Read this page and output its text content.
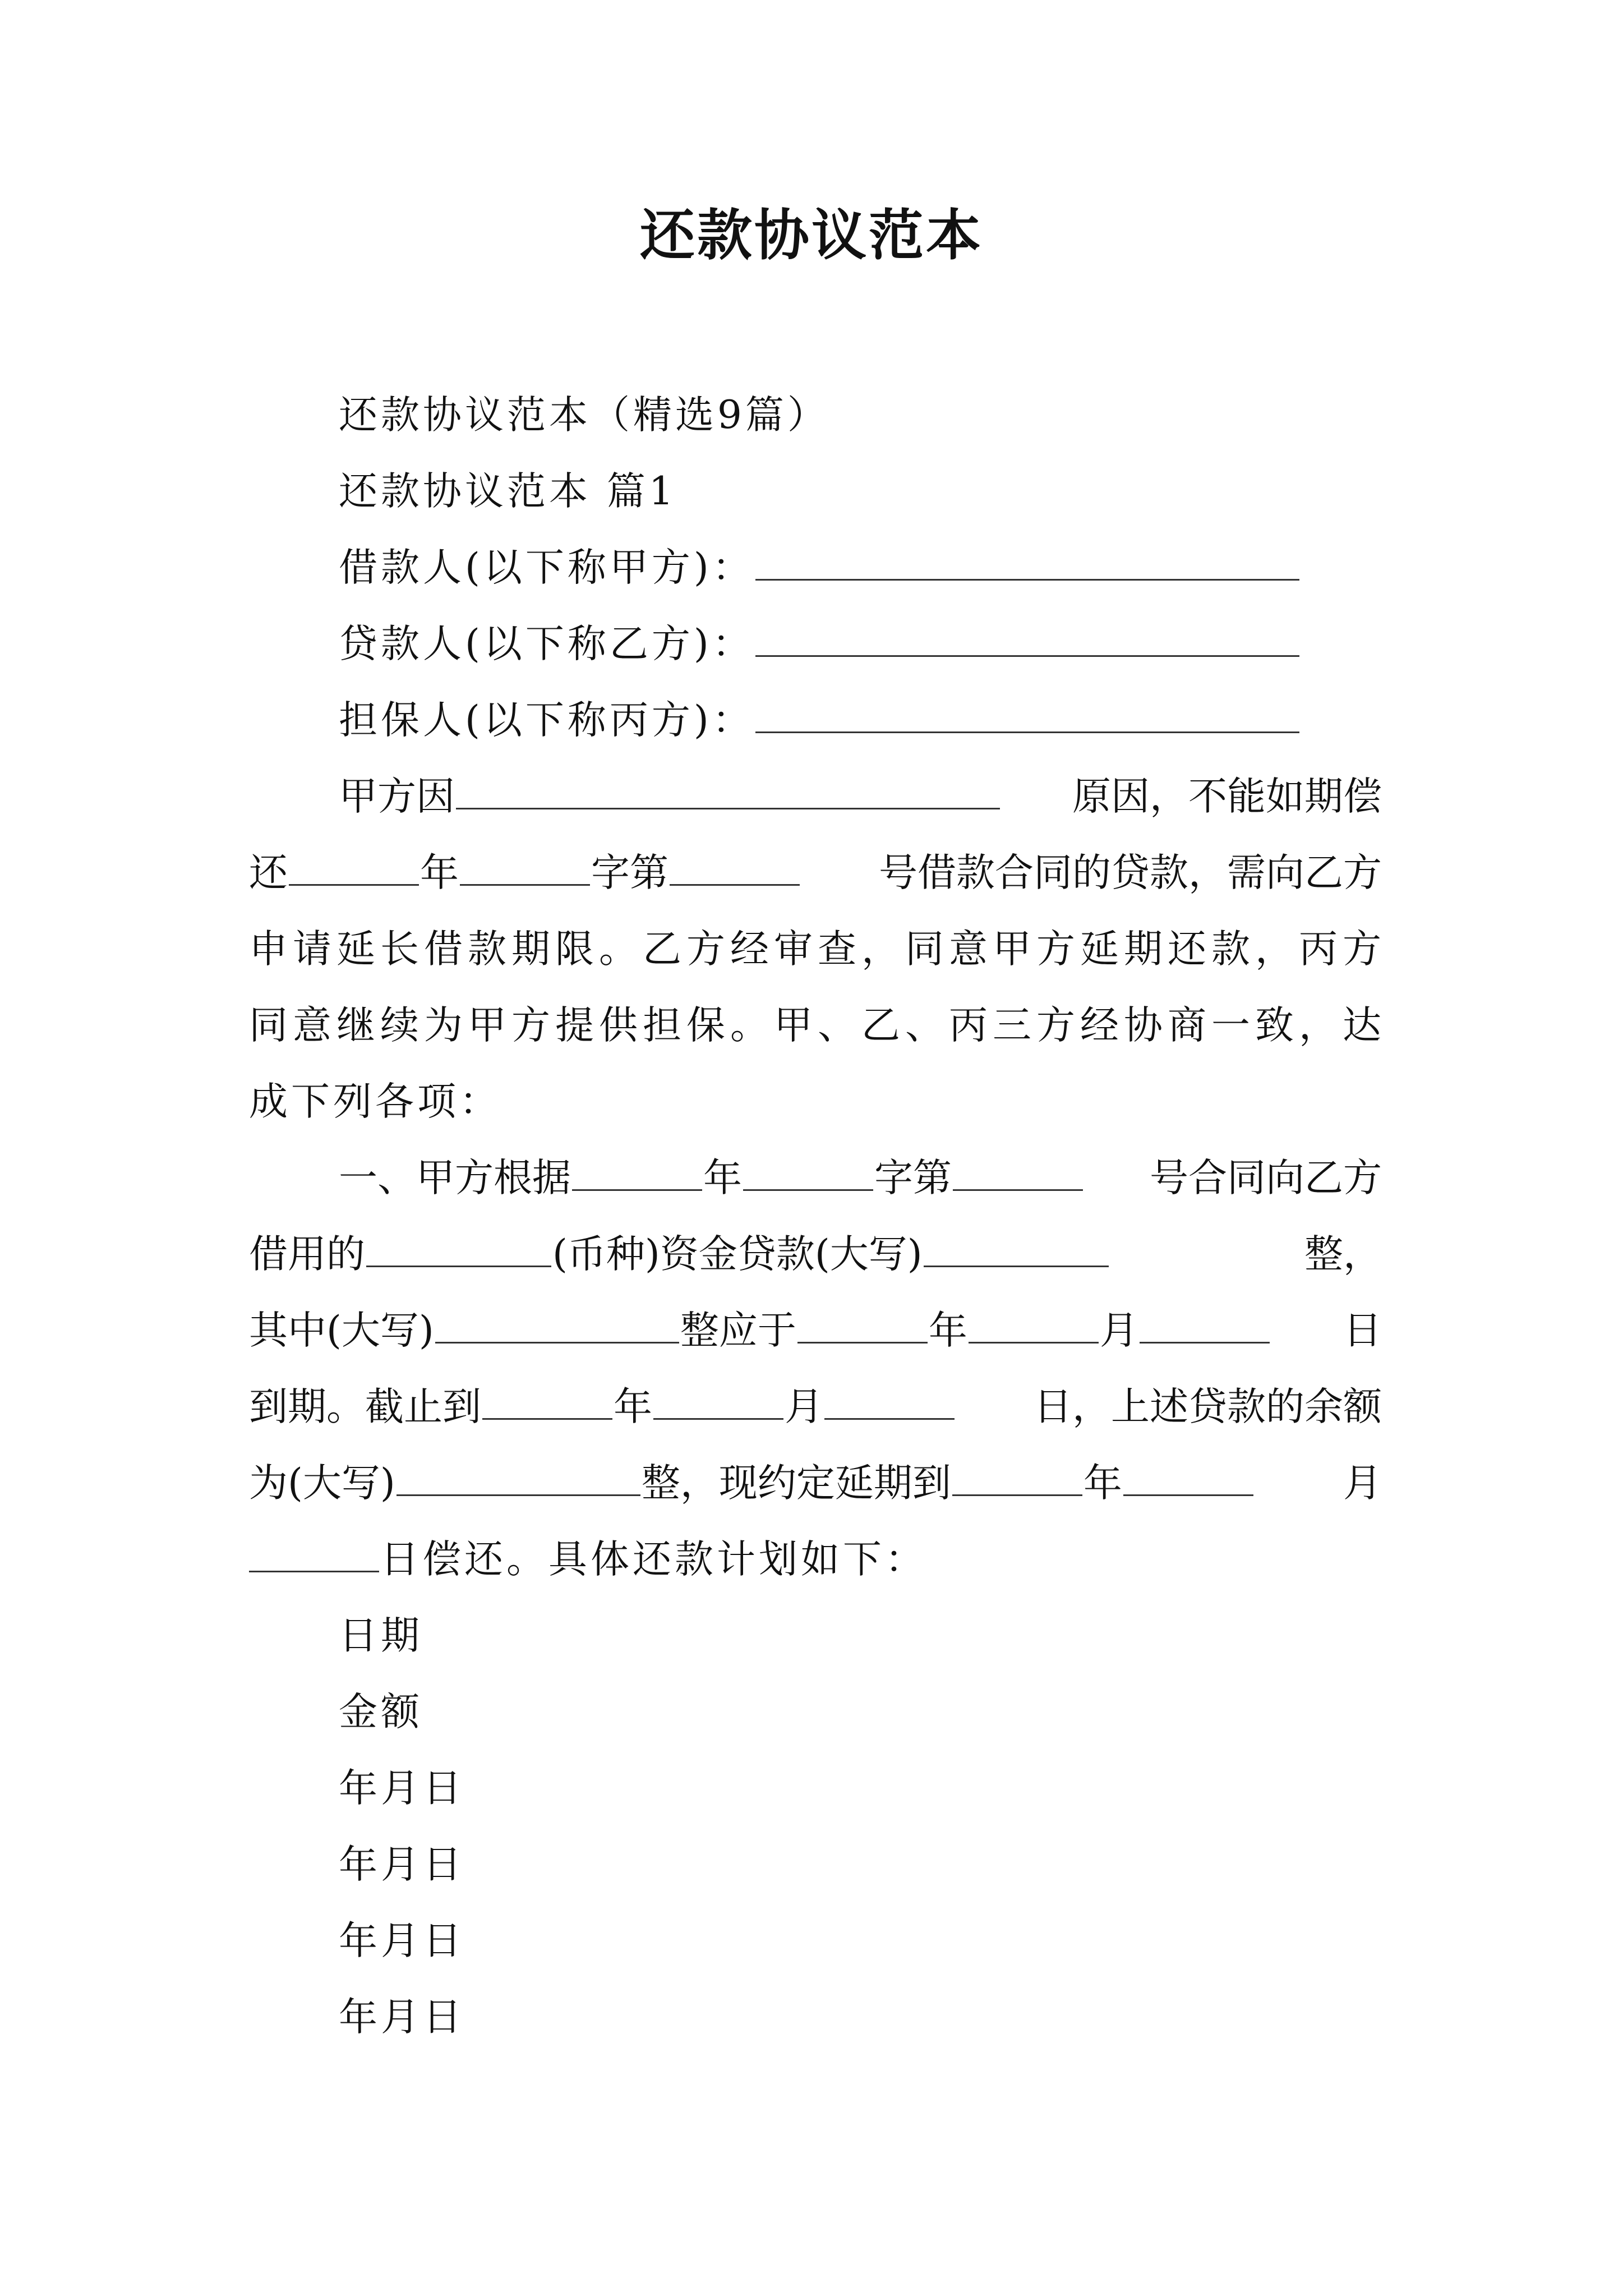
还款协议范本
还款协议范本（精选9篇）
还款协议范本 篇1
借款人(以下称甲方)：
贷款人(以下称乙方)：
担保人(以下称丙方)：
甲方因	原因，不能如期偿
还	年	字第	号借款合同的贷款，需向乙方
申请延长借款期限。乙方经审查，同意甲方延期还款，丙方
同意继续为甲方提供担保。甲、乙、丙三方经协商一致，达
成下列各项：
一、甲方根据	年	字第	号合同向乙方
借用的	(币种)资金贷款(大写)	整，
其中(大写)	整应于	年	月	日
到期。截止到	年	月	日，上述贷款的余额
为(大写)	整，现约定延期到	年	月
日偿还。具体还款计划如下：
日期
金额
年月日
年月日
年月日
年月日
